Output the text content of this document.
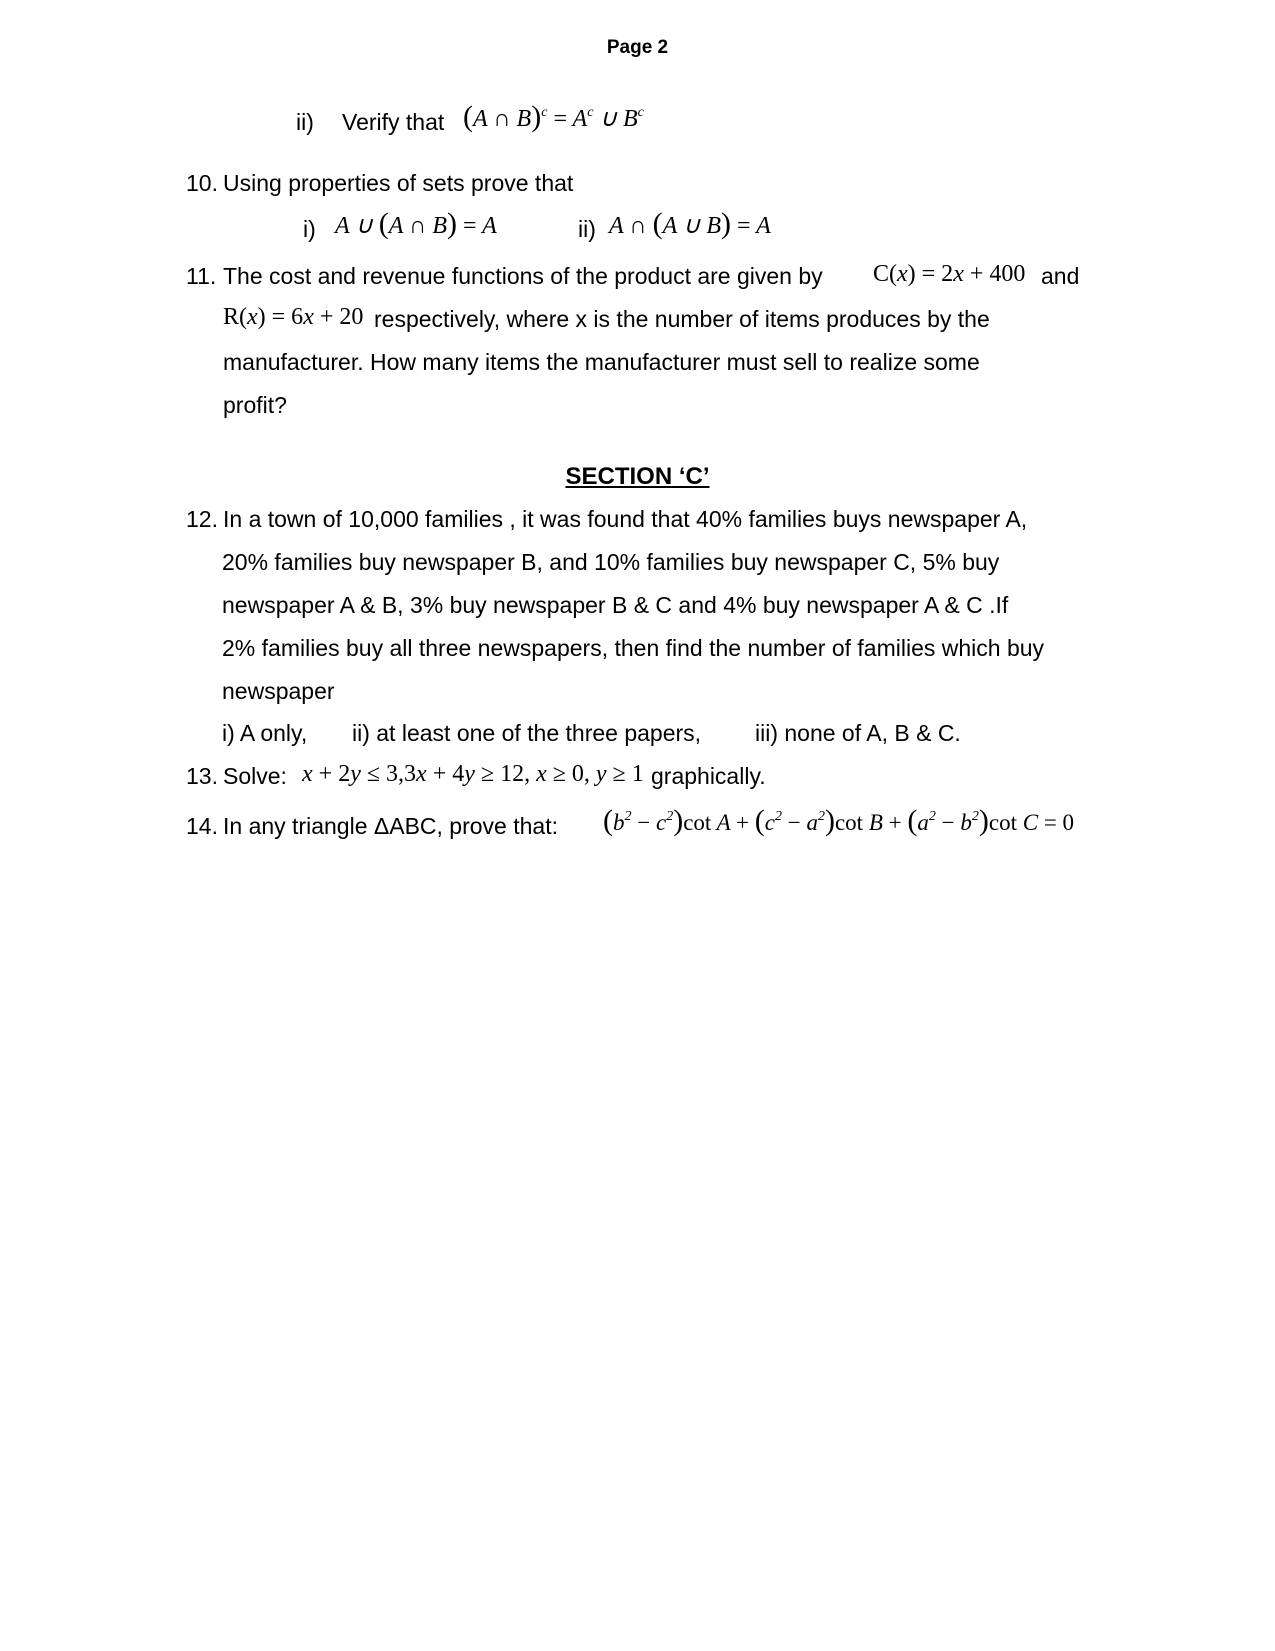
Page 2
ii) Verify that (A ∩ $B)^c = A^c$ ∪ $B^c$
10. Using properties of sets prove that
i) A ∪ (A ∩ B) = A	ii) A ∩ (A ∪ B) = A
11. The cost and revenue functions of the product are given by C(x) = 2x + 400 and
R(x) = 6x + 20 respectively, where x is the number of items produces by the
manufacturer. How many items the manufacturer must sell to realize some
profit?
SECTION ‘C’
12. In a town of 10,000 families , it was found that 40% families buys newspaper A,
20% families buy newspaper B, and 10% families buy newspaper C, 5% buy
newspaper A & B, 3% buy newspaper B & C and 4% buy newspaper A & C .If
2% families buy all three newspapers, then find the number of families which buy
newspaper
i) A only, ii) at least one of the three papers, iii) none of A, B & C.
13. Solve: x + 2y ≤ 3,3x + 4y ≥ 12, x ≥ 0, y ≥ 1 graphically.
14. In any triangle ΔABC, prove that: $(b^2 - c^2)\cot$ $A + (c^2 - a^2)\cot$ $B + (a^2 - b^2)\cot$ C = 0
